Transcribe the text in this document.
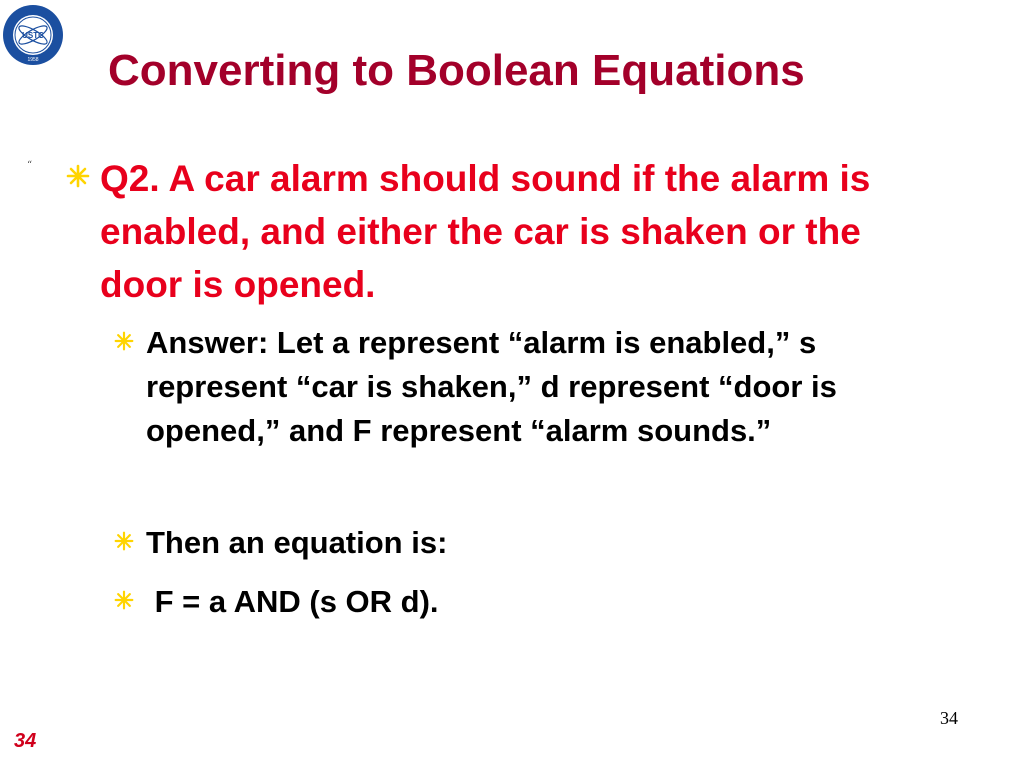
USTC
1958 Converting to Boolean Equations
“ Q2. A car alarm should sound if the alarm is enabled, and either the car is shaken or the door is opened.
Answer: Let a represent “alarm is enabled,” s represent “car is shaken,” d represent “door is opened,” and F represent “alarm sounds.”
Then an equation is:
F = a AND (s OR d).
34
34
